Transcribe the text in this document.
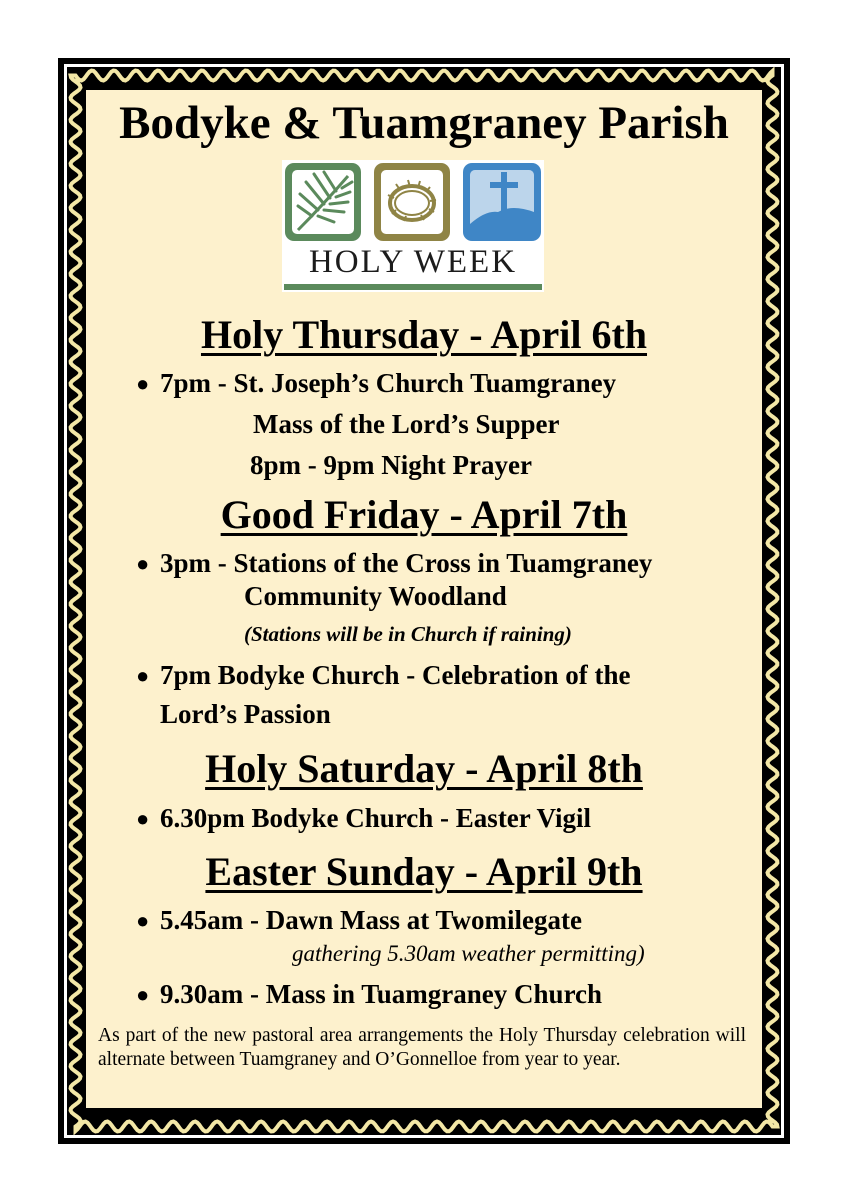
Bodyke & Tuamgraney Parish
HOLY WEEK
Holy Thursday - April 6th
● 7pm - St. Joseph’s Church Tuamgraney

Mass of the Lord’s Supper

8pm - 9pm Night Prayer

Good Friday - April 7th
● 3pm - Stations of the Cross in Tuamgraney

Community Woodland

(Stations will be in Church if raining)

● 7pm Bodyke Church - Celebration of the

Lord’s Passion

Holy Saturday - April 8th
● 6.30pm Bodyke Church - Easter Vigil

Easter Sunday - April 9th
● 5.45am - Dawn Mass at Twomilegate

gathering 5.30am weather permitting)

● 9.30am - Mass in Tuamgraney Church

As part of the new pastoral area arrangements the Holy Thursday celebration will alternate between Tuamgraney and O’Gonnelloe from year to year.
